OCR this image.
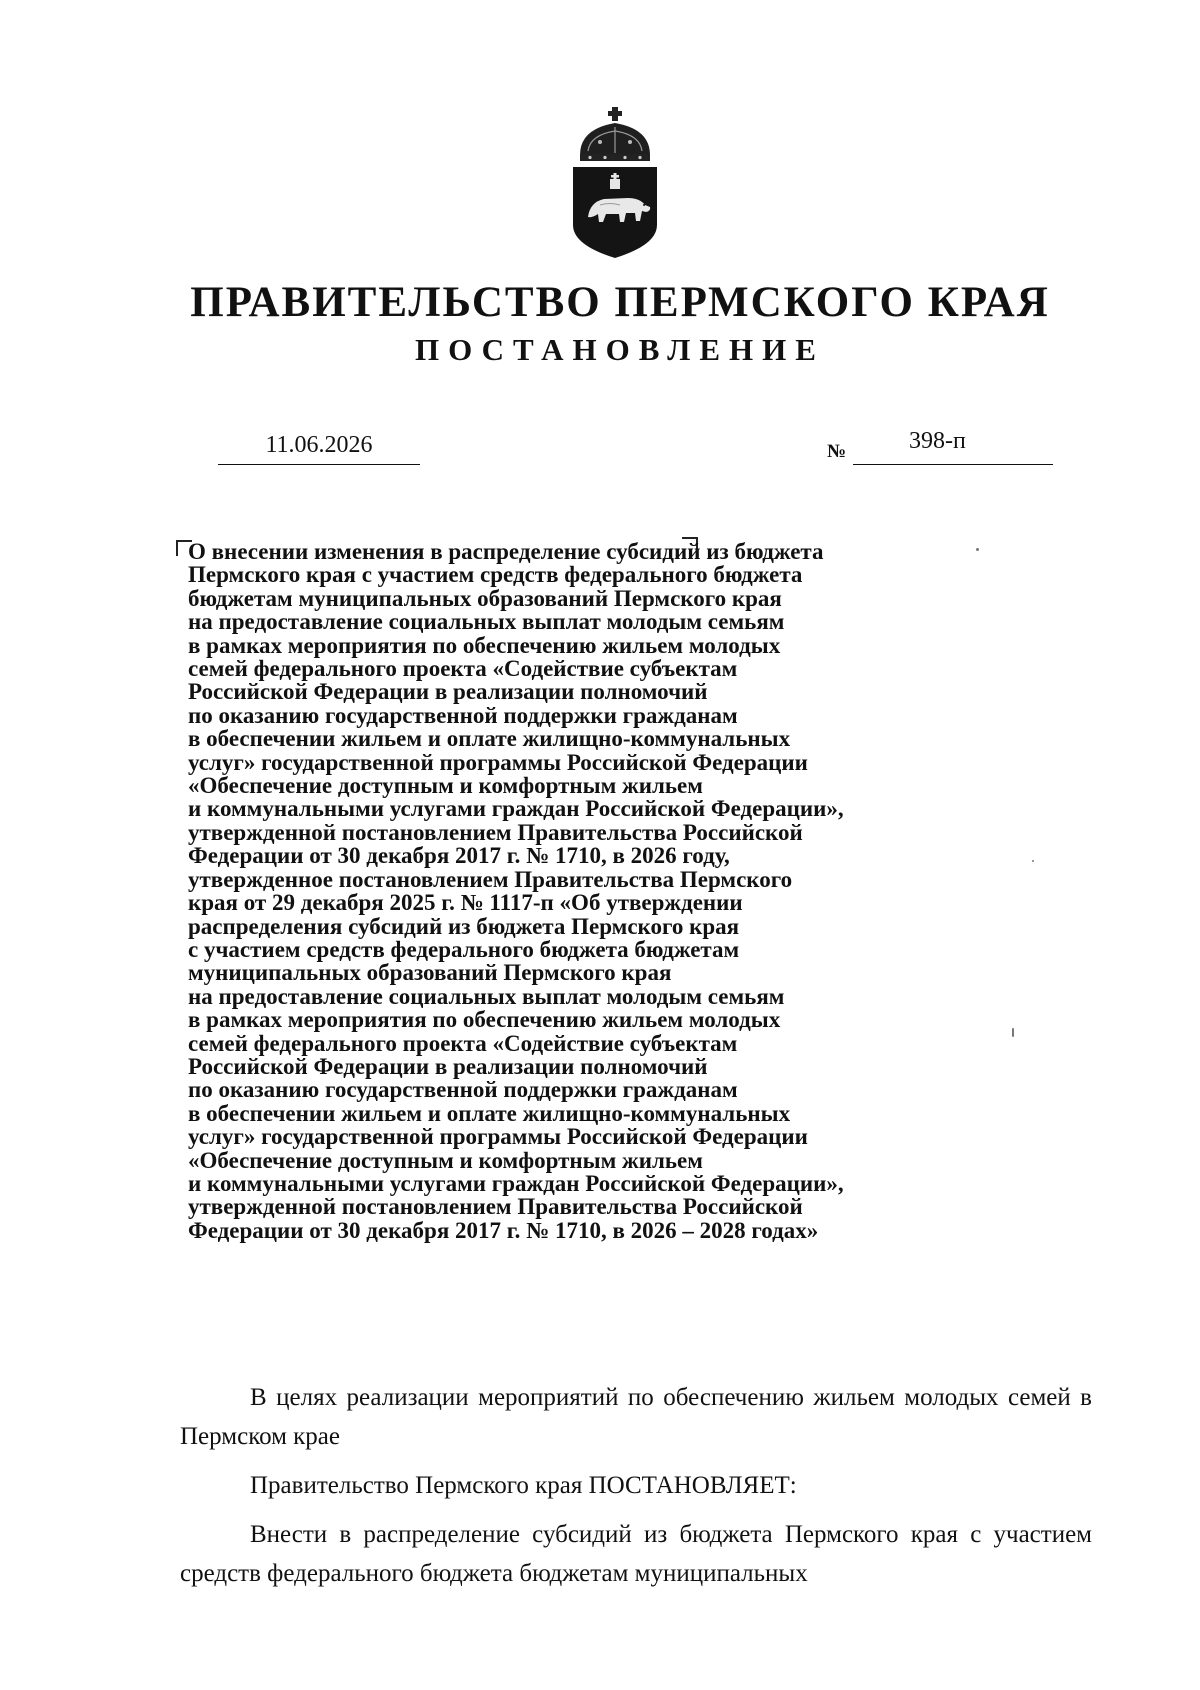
ПРАВИТЕЛЬСТВО ПЕРМСКОГО КРАЯ
ПОСТАНОВЛЕНИЕ
11.06.2026	№	398-п
О внесении изменения в распределение субсидий из бюджета
Пермского края с участием средств федерального бюджета
бюджетам муниципальных образований Пермского края
на предоставление социальных выплат молодым семьям
в рамках мероприятия по обеспечению жильем молодых
семей федерального проекта «Содействие субъектам
Российской Федерации в реализации полномочий
по оказанию государственной поддержки гражданам
в обеспечении жильем и оплате жилищно-коммунальных
услуг» государственной программы Российской Федерации
«Обеспечение доступным и комфортным жильем
и коммунальными услугами граждан Российской Федерации»,
утвержденной постановлением Правительства Российской
Федерации от 30 декабря 2017 г. № 1710, в 2026 году,
утвержденное постановлением Правительства Пермского
края от 29 декабря 2025 г. № 1117-п «Об утверждении
распределения субсидий из бюджета Пермского края
с участием средств федерального бюджета бюджетам
муниципальных образований Пермского края
на предоставление социальных выплат молодым семьям
в рамках мероприятия по обеспечению жильем молодых
семей федерального проекта «Содействие субъектам
Российской Федерации в реализации полномочий
по оказанию государственной поддержки гражданам
в обеспечении жильем и оплате жилищно-коммунальных
услуг» государственной программы Российской Федерации
«Обеспечение доступным и комфортным жильем
и коммунальными услугами граждан Российской Федерации»,
утвержденной постановлением Правительства Российской
Федерации от 30 декабря 2017 г. № 1710, в 2026 – 2028 годах»

В целях реализации мероприятий по обеспечению жильем молодых семей в Пермском крае

Правительство Пермского края ПОСТАНОВЛЯЕТ:

Внести в распределение субсидий из бюджета Пермского края с участием средств федерального бюджета бюджетам муниципальных
